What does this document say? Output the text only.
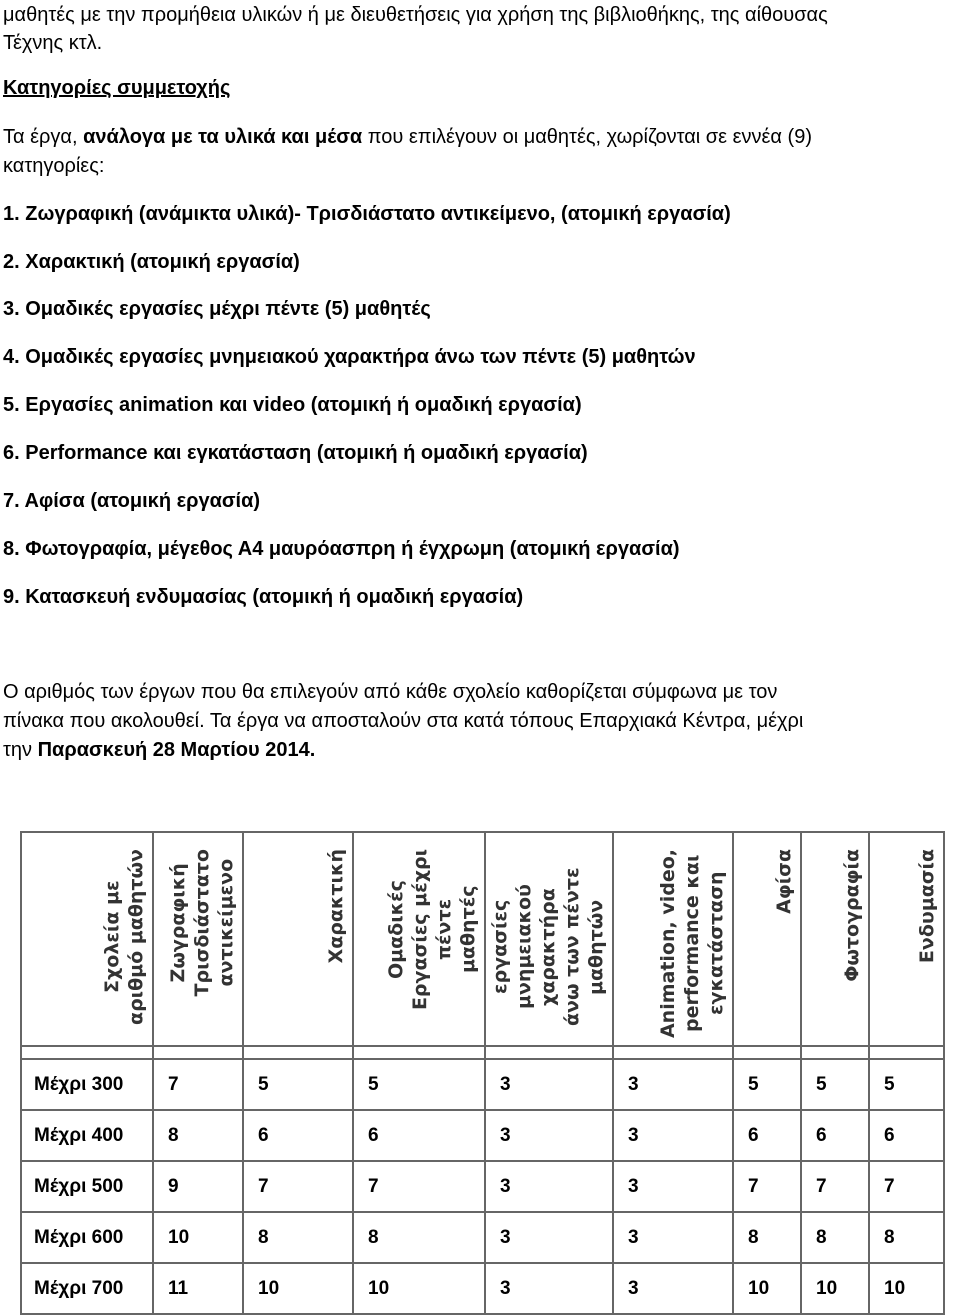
μαθητές με την προμήθεια υλικών ή με διευθετήσεις για χρήση της βιβλιοθήκης, της αίθουσας
Τέχνης κτλ.
Κατηγορίες συμμετοχής
Τα έργα, ανάλογα με τα υλικά και μέσα που επιλέγουν οι μαθητές, χωρίζονται σε εννέα (9)
κατηγορίες:
1. Ζωγραφική (ανάμικτα υλικά)- Τρισδιάστατο αντικείμενο, (ατομική εργασία)
2. Χαρακτική (ατομική εργασία)
3. Ομαδικές εργασίες μέχρι πέντε (5) μαθητές
4. Ομαδικές εργασίες μνημειακού χαρακτήρα άνω των πέντε (5) μαθητών
5. Εργασίες animation και video (ατομική ή ομαδική εργασία)
6. Performance και εγκατάσταση (ατομική ή ομαδική εργασία)
7. Αφίσα (ατομική εργασία)
8. Φωτογραφία, μέγεθος Α4 μαυρόασπρη ή έγχρωμη (ατομική εργασία)
9. Κατασκευή ενδυμασίας (ατομική ή ομαδική εργασία)
Ο αριθμός των έργων που θα επιλεγούν από κάθε σχολείο καθορίζεται σύμφωνα με τον
πίνακα που ακολουθεί. Τα έργα να αποσταλούν στα κατά τόπους Επαρχιακά Κέντρα, μέχρι
την Παρασκευή 28 Μαρτίου 2014.
Σχολεία με
αριθμό μαθητών	Ζωγραφική
Τρισδιάστατο
αντικείμενο	Χαρακτική	Ομαδικές
Εργασίες μέχρι
πέντε
μαθητές	εργασίες
μνημειακού
χαρακτήρα
άνω των πέντε
μαθητών	Animation, video,
performance και
εγκατάσταση	Αφίσα	Φωτογραφία	Ενδυμασία

Μέχρι 300	7	5	5	3	3	5	5	5
Μέχρι 400	8	6	6	3	3	6	6	6
Μέχρι 500	9	7	7	3	3	7	7	7
Μέχρι 600	10	8	8	3	3	8	8	8
Μέχρι 700	11	10	10	3	3	10	10	10
